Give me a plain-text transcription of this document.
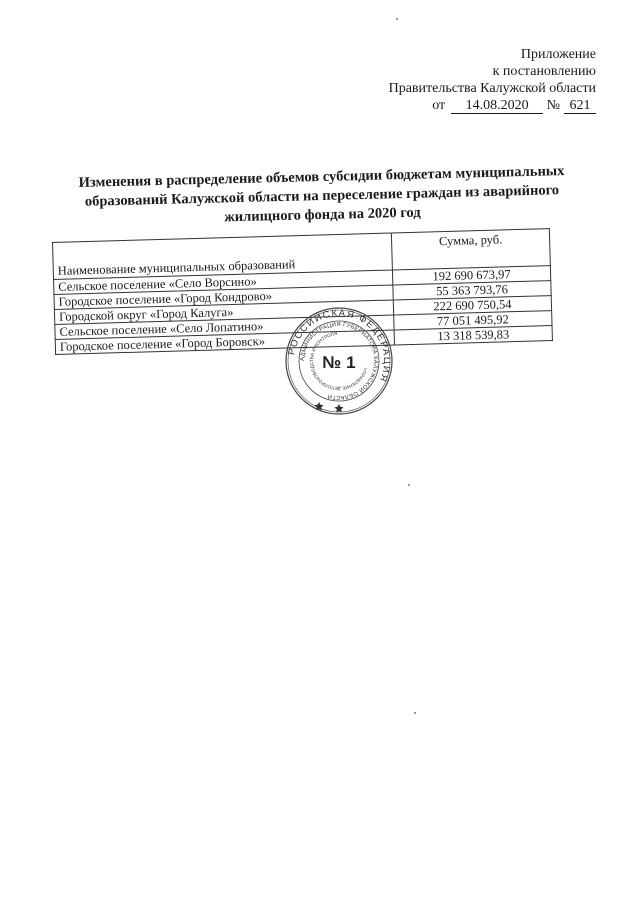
Приложение
к постановлению
Правительства Калужской области
от 14.08.2020 № 621
Изменения в распределение объемов субсидии бюджетам муниципальных образований Калужской области на переселение граждан из аварийного жилищного фонда на 2020 год
Наименование муниципальных образований	Сумма, руб.
Сельское поселение «Село Ворсино»	192 690 673,97
Городское поселение «Город Кондрово»	55 363 793,76
Городской округ «Город Калуга»	222 690 750,54
Сельское поселение «Село Лопатино»	77 051 495,92
Городское поселение «Город Боровск»	13 318 539,83
РОССИЙСКАЯ ФЕДЕРАЦИЯ
АДМИНИСТРАЦИЯ ГУБЕРНАТОРА КАЛУЖСКОЙ ОБЛАСТИ
УПРАВЛЕНИЕ ДЕЛОПРОИЗВОДСТВА И КОНТРОЛЯ
№ 1
